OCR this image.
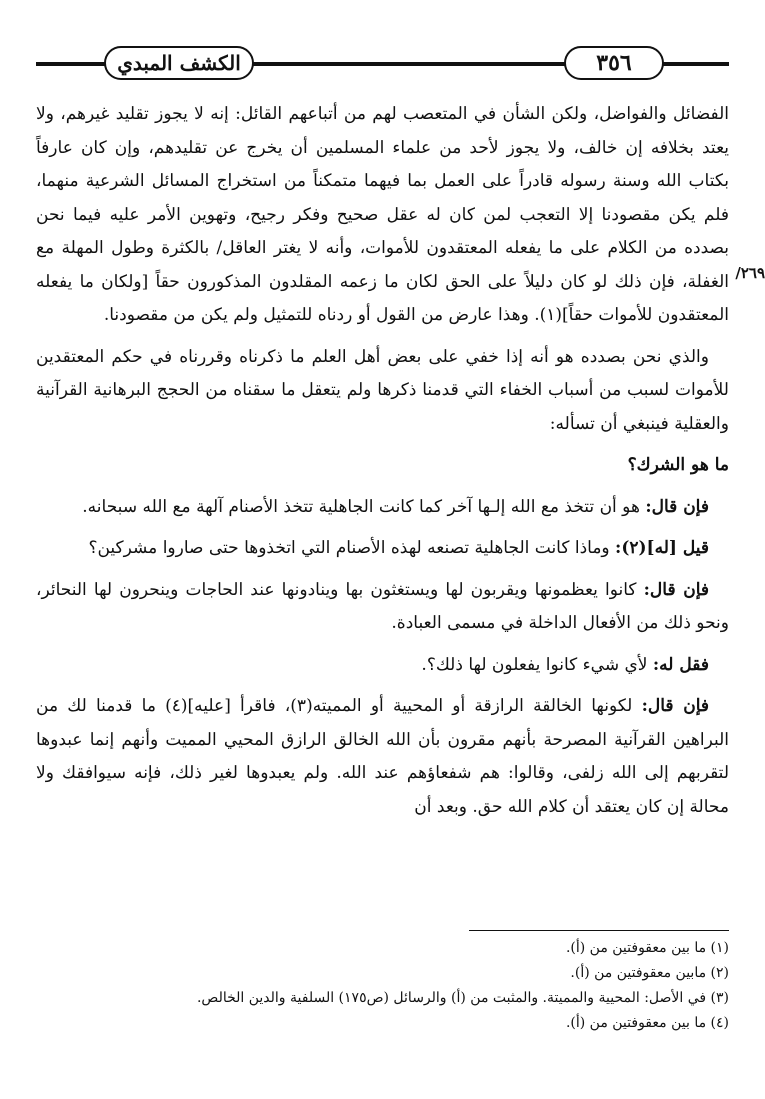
الكشف المبدي	٣٥٦
٢٦٩/

الفضائل والفواضل، ولكن الشأن في المتعصب لهم من أتباعهم القائل: إنه لا يجوز تقليد غيرهم، ولا يعتد بخلافه إن خالف، ولا يجوز لأحد من علماء المسلمين أن يخرج عن تقليدهم، وإن كان عارفاً بكتاب الله وسنة رسوله قادراً على العمل بما فيهما متمكناً من استخراج المسائل الشرعية منهما، فلم يكن مقصودنا إلا التعجب لمن كان له عقل صحيح وفكر رجيح، وتهوين الأمر عليه فيما نحن بصدده من الكلام على ما يفعله المعتقدون للأموات، وأنه لا يغتر العاقل/ بالكثرة وطول المهلة مع الغفلة، فإن ذلك لو كان دليلاً على الحق لكان ما زعمه المقلدون المذكورون حقاً [ولكان ما يفعله المعتقدون للأموات حقاً](١). وهذا عارض من القول أو ردناه للتمثيل ولم يكن من مقصودنا.

والذي نحن بصدده هو أنه إذا خفي على بعض أهل العلم ما ذكرناه وقررناه في حكم المعتقدين للأموات لسبب من أسباب الخفاء التي قدمنا ذكرها ولم يتعقل ما سقناه من الحجج البرهانية القرآنية والعقلية فينبغي أن تسأله:

ما هو الشرك؟

فإن قال: هو أن تتخذ مع الله إلـها آخر كما كانت الجاهلية تتخذ الأصنام آلهة مع الله سبحانه.

قيل [له](٢): وماذا كانت الجاهلية تصنعه لهذه الأصنام التي اتخذوها حتى صاروا مشركين؟

فإن قال: كانوا يعظمونها ويقربون لها ويستغثون بها وينادونها عند الحاجات وينحرون لها النحائر، ونحو ذلك من الأفعال الداخلة في مسمى العبادة.

فقل له: لأي شيء كانوا يفعلون لها ذلك؟.

فإن قال: لكونها الخالقة الرازقة أو المحيية أو المميته(٣)، فاقرأ [عليه](٤) ما قدمنا لك من البراهين القرآنية المصرحة بأنهم مقرون بأن الله الخالق الرازق المحيي المميت وأنهم إنما عبدوها لتقربهم إلى الله زلفى، وقالوا: هم شفعاؤهم عند الله. ولم يعبدوها لغير ذلك، فإنه سيوافقك ولا محالة إن كان يعتقد أن كلام الله حق. وبعد أن

(١) ما بين معقوفتين من (أ).
(٢) مابين معقوفتين من (أ).
(٣) في الأصل: المحيية والمميتة. والمثبت من (أ) والرسائل (ص١٧٥) السلفية والدين الخالص.
(٤) ما بين معقوفتين من (أ).
